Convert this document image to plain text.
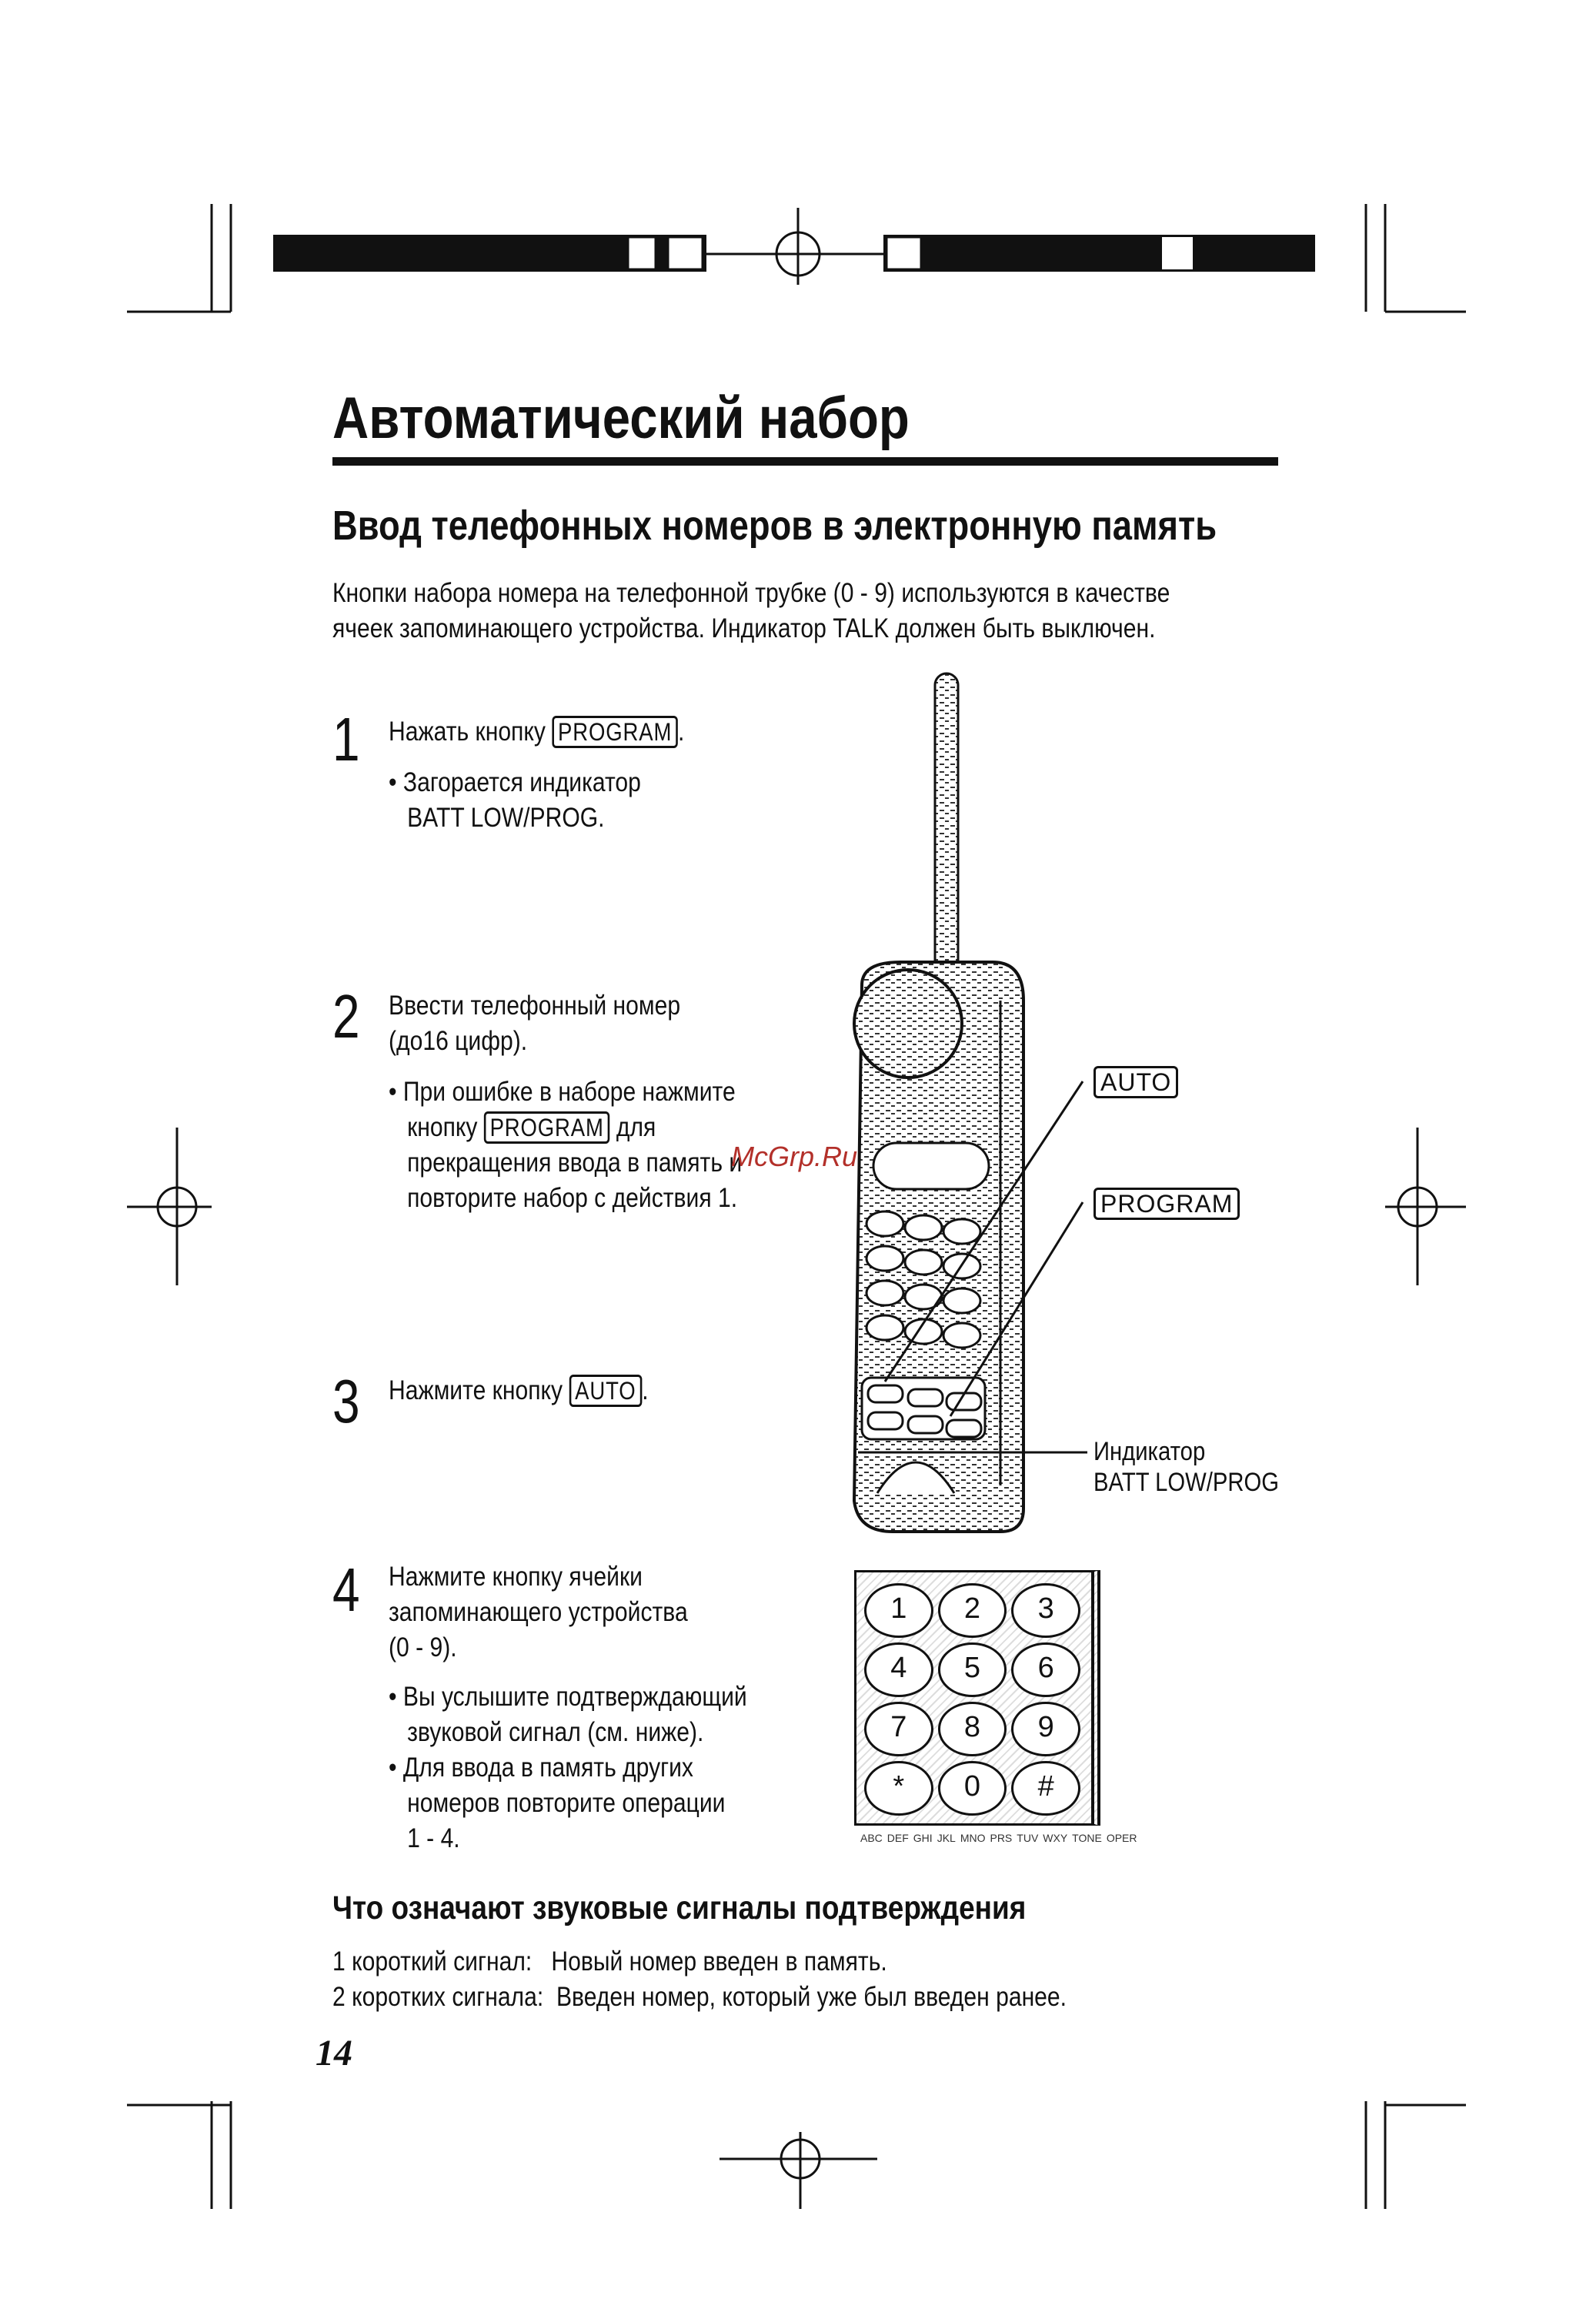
Автоматический набор
Ввод телефонных номеров в электронную память
Кнопки набора номера на телефонной трубке (0 - 9) используются в качестве
ячеек запоминающего устройства. Индикатор TALK должен быть выключен.
1 Нажать кнопку PROGRAM .
• Загорается индикатор
BATT LOW/PROG.
2 Ввести телефонный номер
(до16 цифр).
• При ошибке в наборе нажмите
кнопку PROGRAM для
прекращения ввода в память и
повторите набор с действия 1.
3 Нажмите кнопку AUTO .
4 Нажмите кнопку ячейки
запоминающего устройства
(0 - 9).
• Вы услышите подтверждающий
звуковой сигнал (см. ниже).
• Для ввода в память других
номеров повторите операции
1 - 4.
AUTO
PROGRAM
Индикатор
BATT LOW/PROG
1	2	3
4	5	6
7	8	9
*	0	#
ABC DEF GHI JKL MNO PRS TUV WXY TONE OPER
McGrp.Ru
Что означают звуковые сигналы подтверждения
1 короткий сигнал: Новый номер введен в память.
2 коротких сигнала: Введен номер, который уже был введен ранее.
14
